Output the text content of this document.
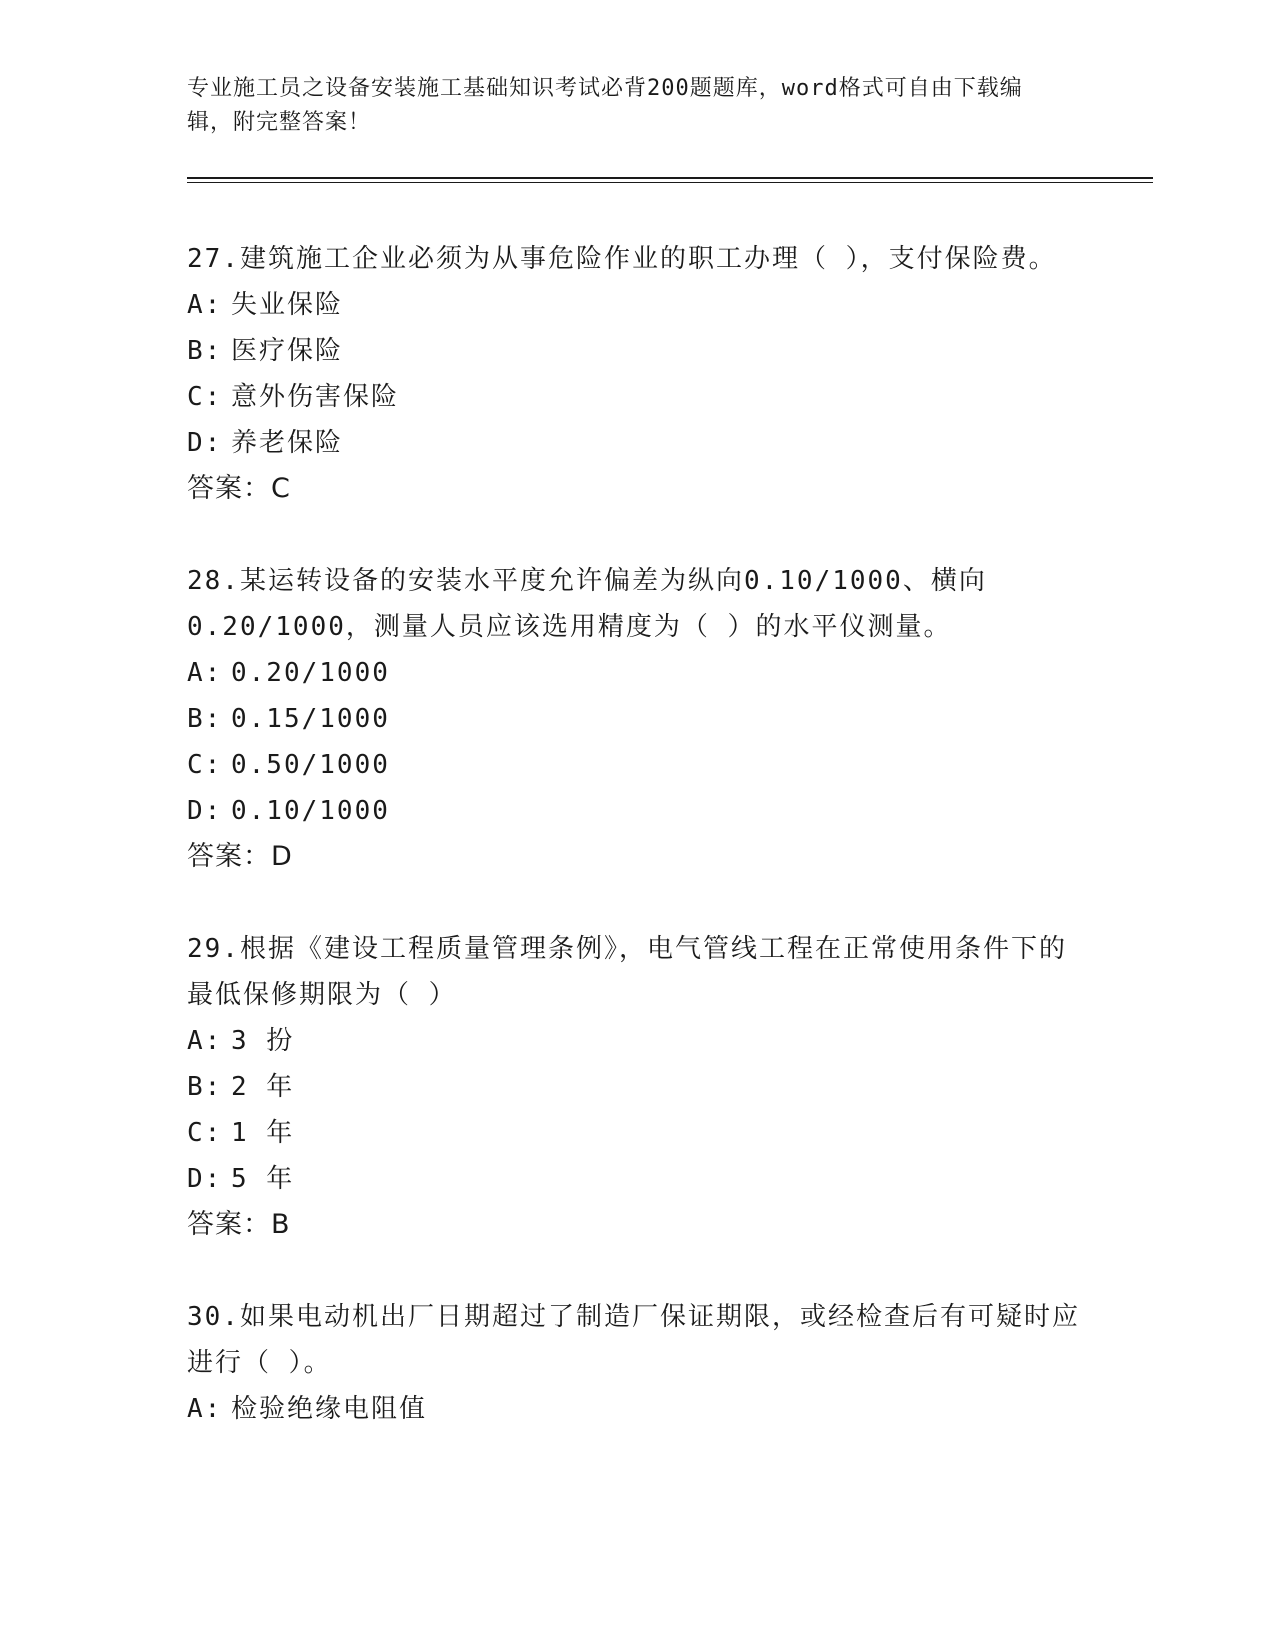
专业施工员之设备安装施工基础知识考试必背200题题库，word格式可自由下载编辑，附完整答案！
27.建筑施工企业必须为从事危险作业的职工办理（ ），支付保险费。
A: 失业保险
B: 医疗保险
C: 意外伤害保险
D: 养老保险
答案：C
28.某运转设备的安装水平度允许偏差为纵向0.10/1000、横向0.20/1000，测量人员应该选用精度为（ ）的水平仪测量。
A: 0.20/1000
B: 0.15/1000
C: 0.50/1000
D: 0.10/1000
答案：D
29.根据《建设工程质量管理条例》，电气管线工程在正常使用条件下的最低保修期限为（ ）
A: 3 扮
B: 2 年
C: 1 年
D: 5 年
答案：B
30.如果电动机出厂日期超过了制造厂保证期限，或经检查后有可疑时应进行（ ）。
A: 检验绝缘电阻值
